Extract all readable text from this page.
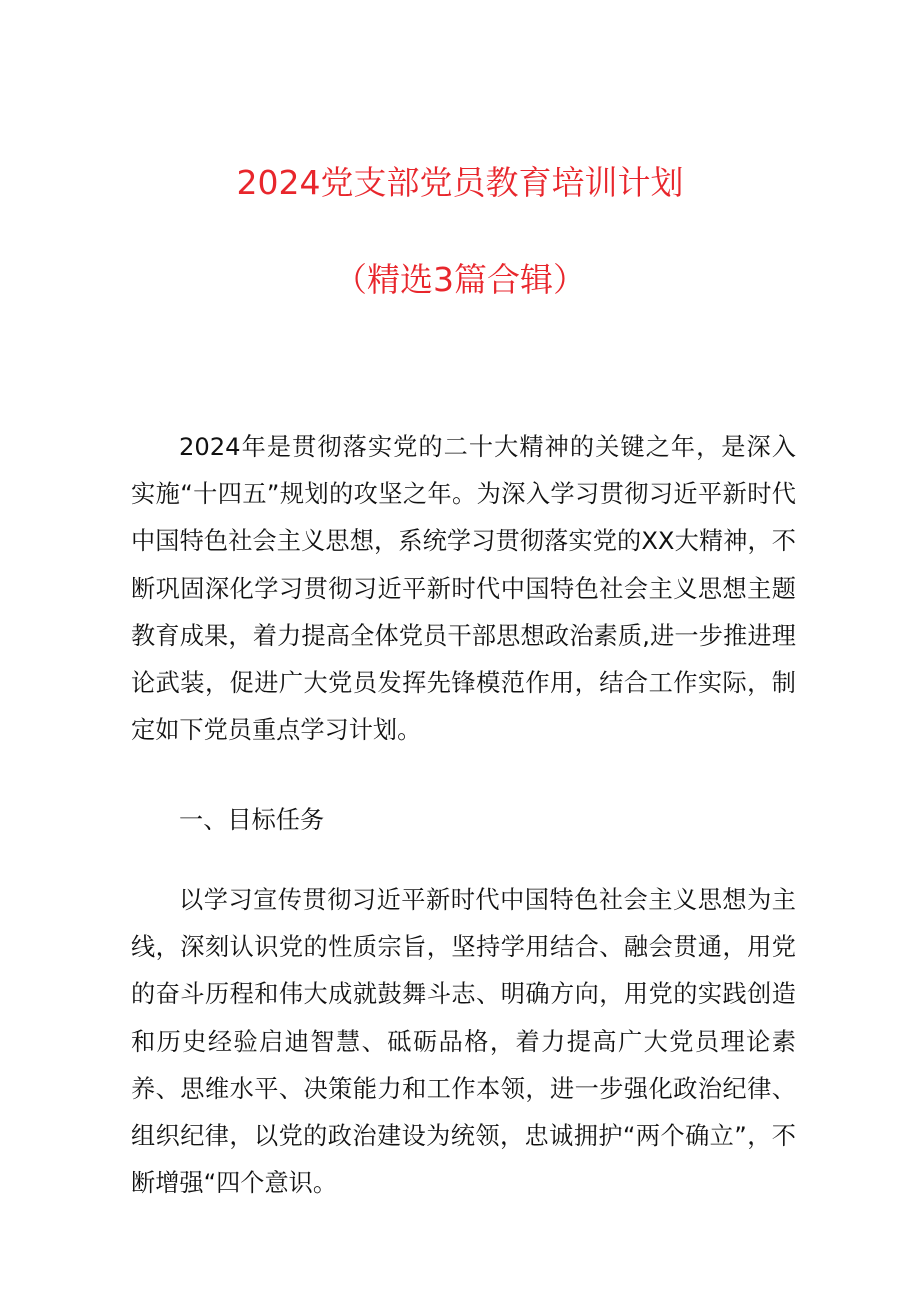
2024党支部党员教育培训计划
（精选3篇合辑）

2024年是贯彻落实党的二十大精神的关键之年，是深入实施“十四五”规划的攻坚之年。为深入学习贯彻习近平新时代中国特色社会主义思想，系统学习贯彻落实党的XX大精神，不断巩固深化学习贯彻习近平新时代中国特色社会主义思想主题教育成果，着力提高全体党员干部思想政治素质,进一步推进理论武装，促进广大党员发挥先锋模范作用，结合工作实际，制定如下党员重点学习计划。

一、目标任务

以学习宣传贯彻习近平新时代中国特色社会主义思想为主线，深刻认识党的性质宗旨，坚持学用结合、融会贯通，用党的奋斗历程和伟大成就鼓舞斗志、明确方向，用党的实践创造和历史经验启迪智慧、砥砺品格，着力提高广大党员理论素养、思维水平、决策能力和工作本领，进一步强化政治纪律、组织纪律，以党的政治建设为统领，忠诚拥护“两个确立”，不断增强“四个意识。
